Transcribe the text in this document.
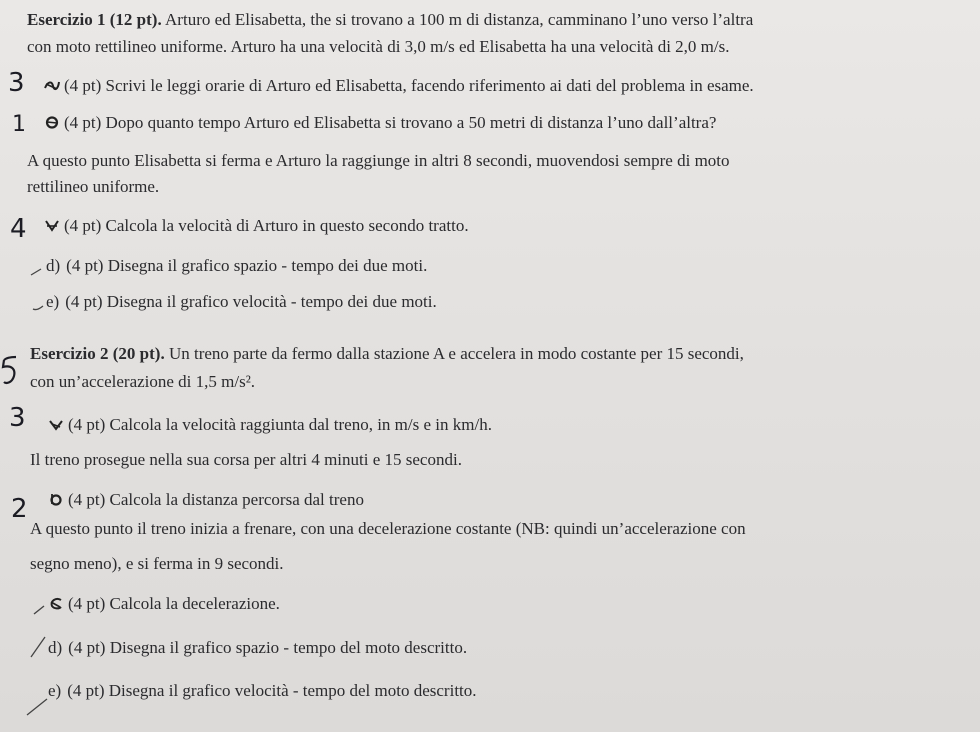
Esercizio 1 (12 pt). Arturo ed Elisabetta, the si trovano a 100 m di distanza, camminano l’uno verso l’altra
con moto rettilineo uniforme. Arturo ha una velocità di 3,0 m/s ed Elisabetta ha una velocità di 2,0 m/s.
3	(4 pt) Scrivi le leggi orarie di Arturo ed Elisabetta, facendo riferimento ai dati del problema in esame.
1	(4 pt) Dopo quanto tempo Arturo ed Elisabetta si trovano a 50 metri di distanza l’uno dall’altra?
A questo punto Elisabetta si ferma e Arturo la raggiunge in altri 8 secondi, muovendosi sempre di moto
rettilineo uniforme.
4	(4 pt) Calcola la velocità di Arturo in questo secondo tratto.
d) (4 pt) Disegna il grafico spazio - tempo dei due moti.
e) (4 pt) Disegna il grafico velocità - tempo dei due moti.
Esercizio 2 (20 pt). Un treno parte da fermo dalla stazione A e accelera in modo costante per 15 secondi,
con un’accelerazione di 1,5 m/s².
3	(4 pt) Calcola la velocità raggiunta dal treno, in m/s e in km/h.
Il treno prosegue nella sua corsa per altri 4 minuti e 15 secondi.
2	(4 pt) Calcola la distanza percorsa dal treno
A questo punto il treno inizia a frenare, con una decelerazione costante (NB: quindi un’accelerazione con
segno meno), e si ferma in 9 secondi.
(4 pt) Calcola la decelerazione.
d) (4 pt) Disegna il grafico spazio - tempo del moto descritto.
e) (4 pt) Disegna il grafico velocità - tempo del moto descritto.
